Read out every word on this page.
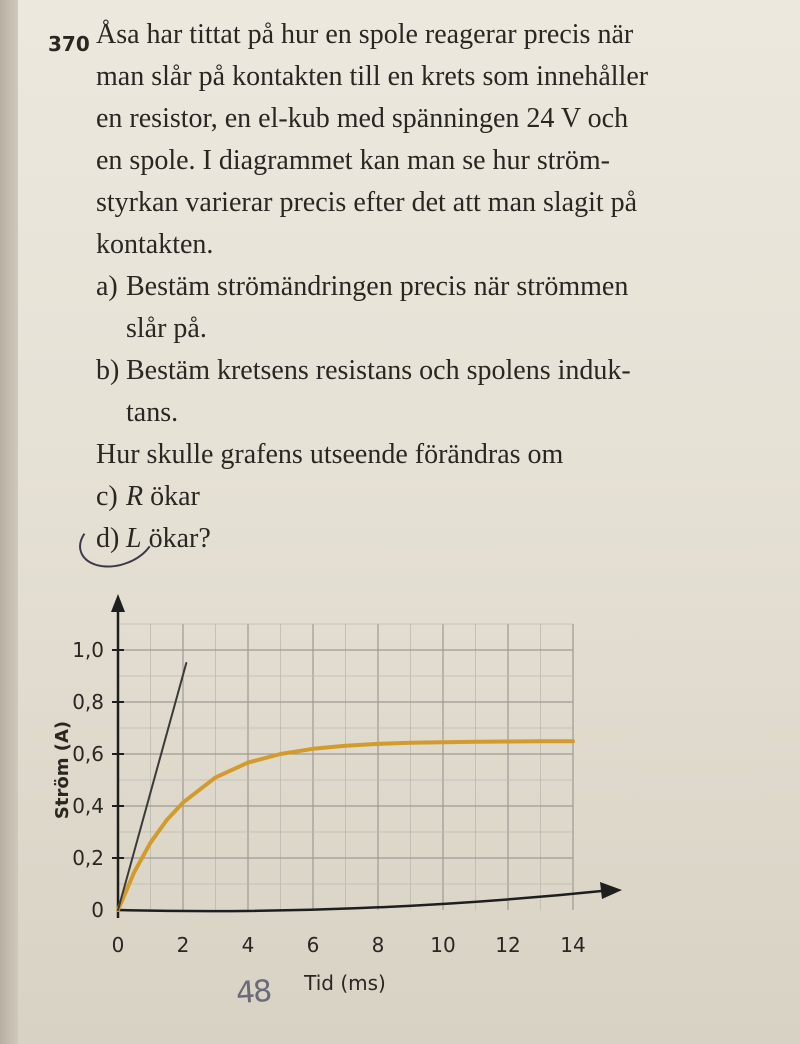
370 Åsa har tittat på hur en spole reagerar precis när
man slår på kontakten till en krets som innehåller
en resistor, en el-kub med spänningen 24 V och
en spole. I diagrammet kan man se hur ström-
styrkan varierar precis efter det att man slagit på
kontakten.
a) Bestäm strömändringen precis när strömmen
slår på.
b) Bestäm kretsens resistans och spolens induk-
tans.
Hur skulle grafens utseende förändras om
c) R ökar
d) L ökar?
0	2	4	6	8 10 12 14
0
0,2
0,4
0,6
0,8
1,0
Tid (ms)
Ström (A)
48
